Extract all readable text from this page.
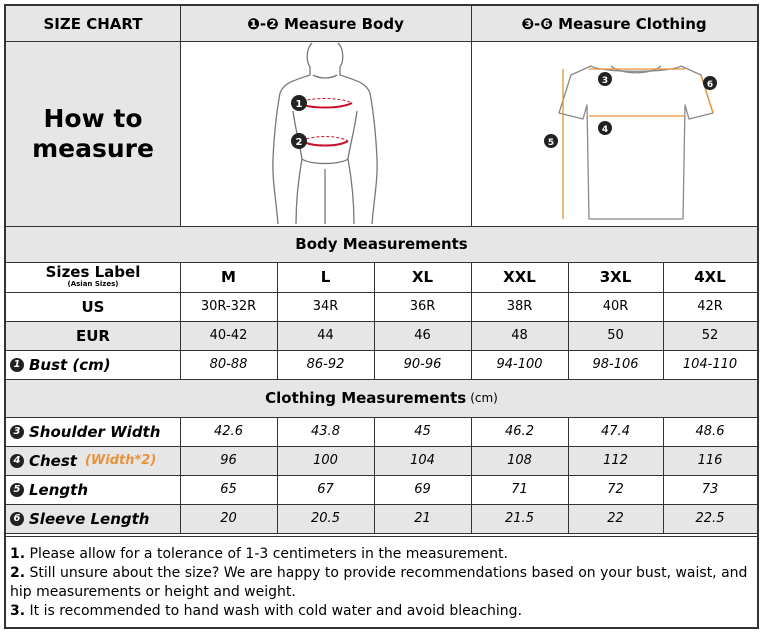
SIZE CHART	❶-❷ Measure Body	❸-❻ Measure Clothing
How to measure
1
2
3
4
5
6
Body Measurements
Sizes Label
(Asian Sizes)	M	L	XL	XXL	3XL	4XL
US	30R-32R	34R	36R	38R	40R	42R
EUR	40-42	44	46	48	50	52
1 Bust (cm)	80-88	86-92	90-96	94-100	98-106	104-110
Clothing Measurements (cm)
3 Shoulder Width	42.6	43.8	45	46.2	47.4	48.6
4 Chest (Width*2)	96	100	104	108	112	116
5 Length	65	67	69	71	72	73
6 Sleeve Length	20	20.5	21	21.5	22	22.5
1. Please allow for a tolerance of 1-3 centimeters in the measurement.
2. Still unsure about the size? We are happy to provide recommendations based on your bust, waist, and hip measurements or height and weight.
3. It is recommended to hand wash with cold water and avoid bleaching.
